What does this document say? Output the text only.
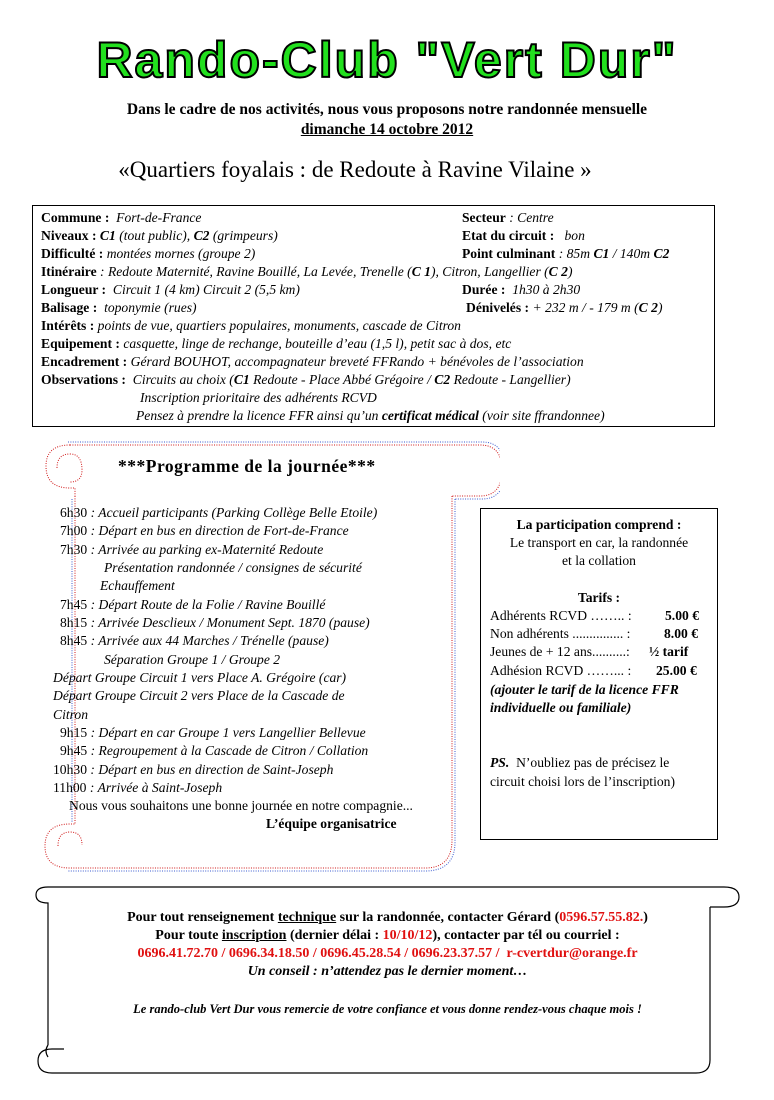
Rando-Club "Vert Dur"
Dans le cadre de nos activités, nous vous proposons notre randonnée mensuelle
dimanche 14 octobre 2012
«Quartiers foyalais : de Redoute à Ravine Vilaine »
Commune : Fort-de-France	Secteur : Centre
Niveaux : C1 (tout public), C2 (grimpeurs)	Etat du circuit : bon
Difficulté : montées mornes (groupe 2)	Point culminant : 85m C1 / 140m C2
Itinéraire : Redoute Maternité, Ravine Bouillé, La Levée, Trenelle (C 1), Citron, Langellier (C 2)
Longueur : Circuit 1 (4 km) Circuit 2 (5,5 km)	Durée : 1h30 à 2h30
Balisage : toponymie (rues)	Dénivelés : + 232 m / - 179 m (C 2)
Intérêts : points de vue, quartiers populaires, monuments, cascade de Citron
Equipement : casquette, linge de rechange, bouteille d’eau (1,5 l), petit sac à dos, etc
Encadrement : Gérard BOUHOT, accompagnateur breveté FFRando + bénévoles de l’association
Observations : Circuits au choix (C1 Redoute - Place Abbé Grégoire / C2 Redoute - Langellier)
Inscription prioritaire des adhérents RCVD
Pensez à prendre la licence FFR ainsi qu’un certificat médical (voir site ffrandonnee)
***Programme de la journée***
6h30 : Accueil participants (Parking Collège Belle Etoile)
7h00 : Départ en bus en direction de Fort-de-France
7h30 : Arrivée au parking ex-Maternité Redoute
Présentation randonnée / consignes de sécurité
Echauffement
7h45 : Départ Route de la Folie / Ravine Bouillé
8h15 : Arrivée Desclieux / Monument Sept. 1870 (pause)
8h45 : Arrivée aux 44 Marches / Trénelle (pause)
Séparation Groupe 1 / Groupe 2
Départ Groupe Circuit 1 vers Place A. Grégoire (car)
Départ Groupe Circuit 2 vers Place de la Cascade de
Citron
9h15 : Départ en car Groupe 1 vers Langellier Bellevue
9h45 : Regroupement à la Cascade de Citron / Collation
10h30 : Départ en bus en direction de Saint-Joseph
11h00 : Arrivée à Saint-Joseph
Nous vous souhaitons une bonne journée en notre compagnie...
L’équipe organisatrice
La participation comprend :
Le transport en car, la randonnée
et la collation
Tarifs :
Adhérents RCVD …….. : 5.00 €
Non adhérents ............... : 8.00 €
Jeunes de + 12 ans..........: ½ tarif
Adhésion RCVD ……... : 25.00 €
(ajouter le tarif de la licence FFR
individuelle ou familiale)
PS. N’oubliez pas de précisez le
circuit choisi lors de l’inscription)
Pour tout renseignement technique sur la randonnée, contacter Gérard (0596.57.55.82.)
Pour toute inscription (dernier délai : 10/10/12), contacter par tél ou courriel :
0696.41.72.70 / 0696.34.18.50 / 0696.45.28.54 / 0696.23.37.57 / r-cvertdur@orange.fr
Un conseil : n’attendez pas le dernier moment…
Le rando-club Vert Dur vous remercie de votre confiance et vous donne rendez-vous chaque mois !
